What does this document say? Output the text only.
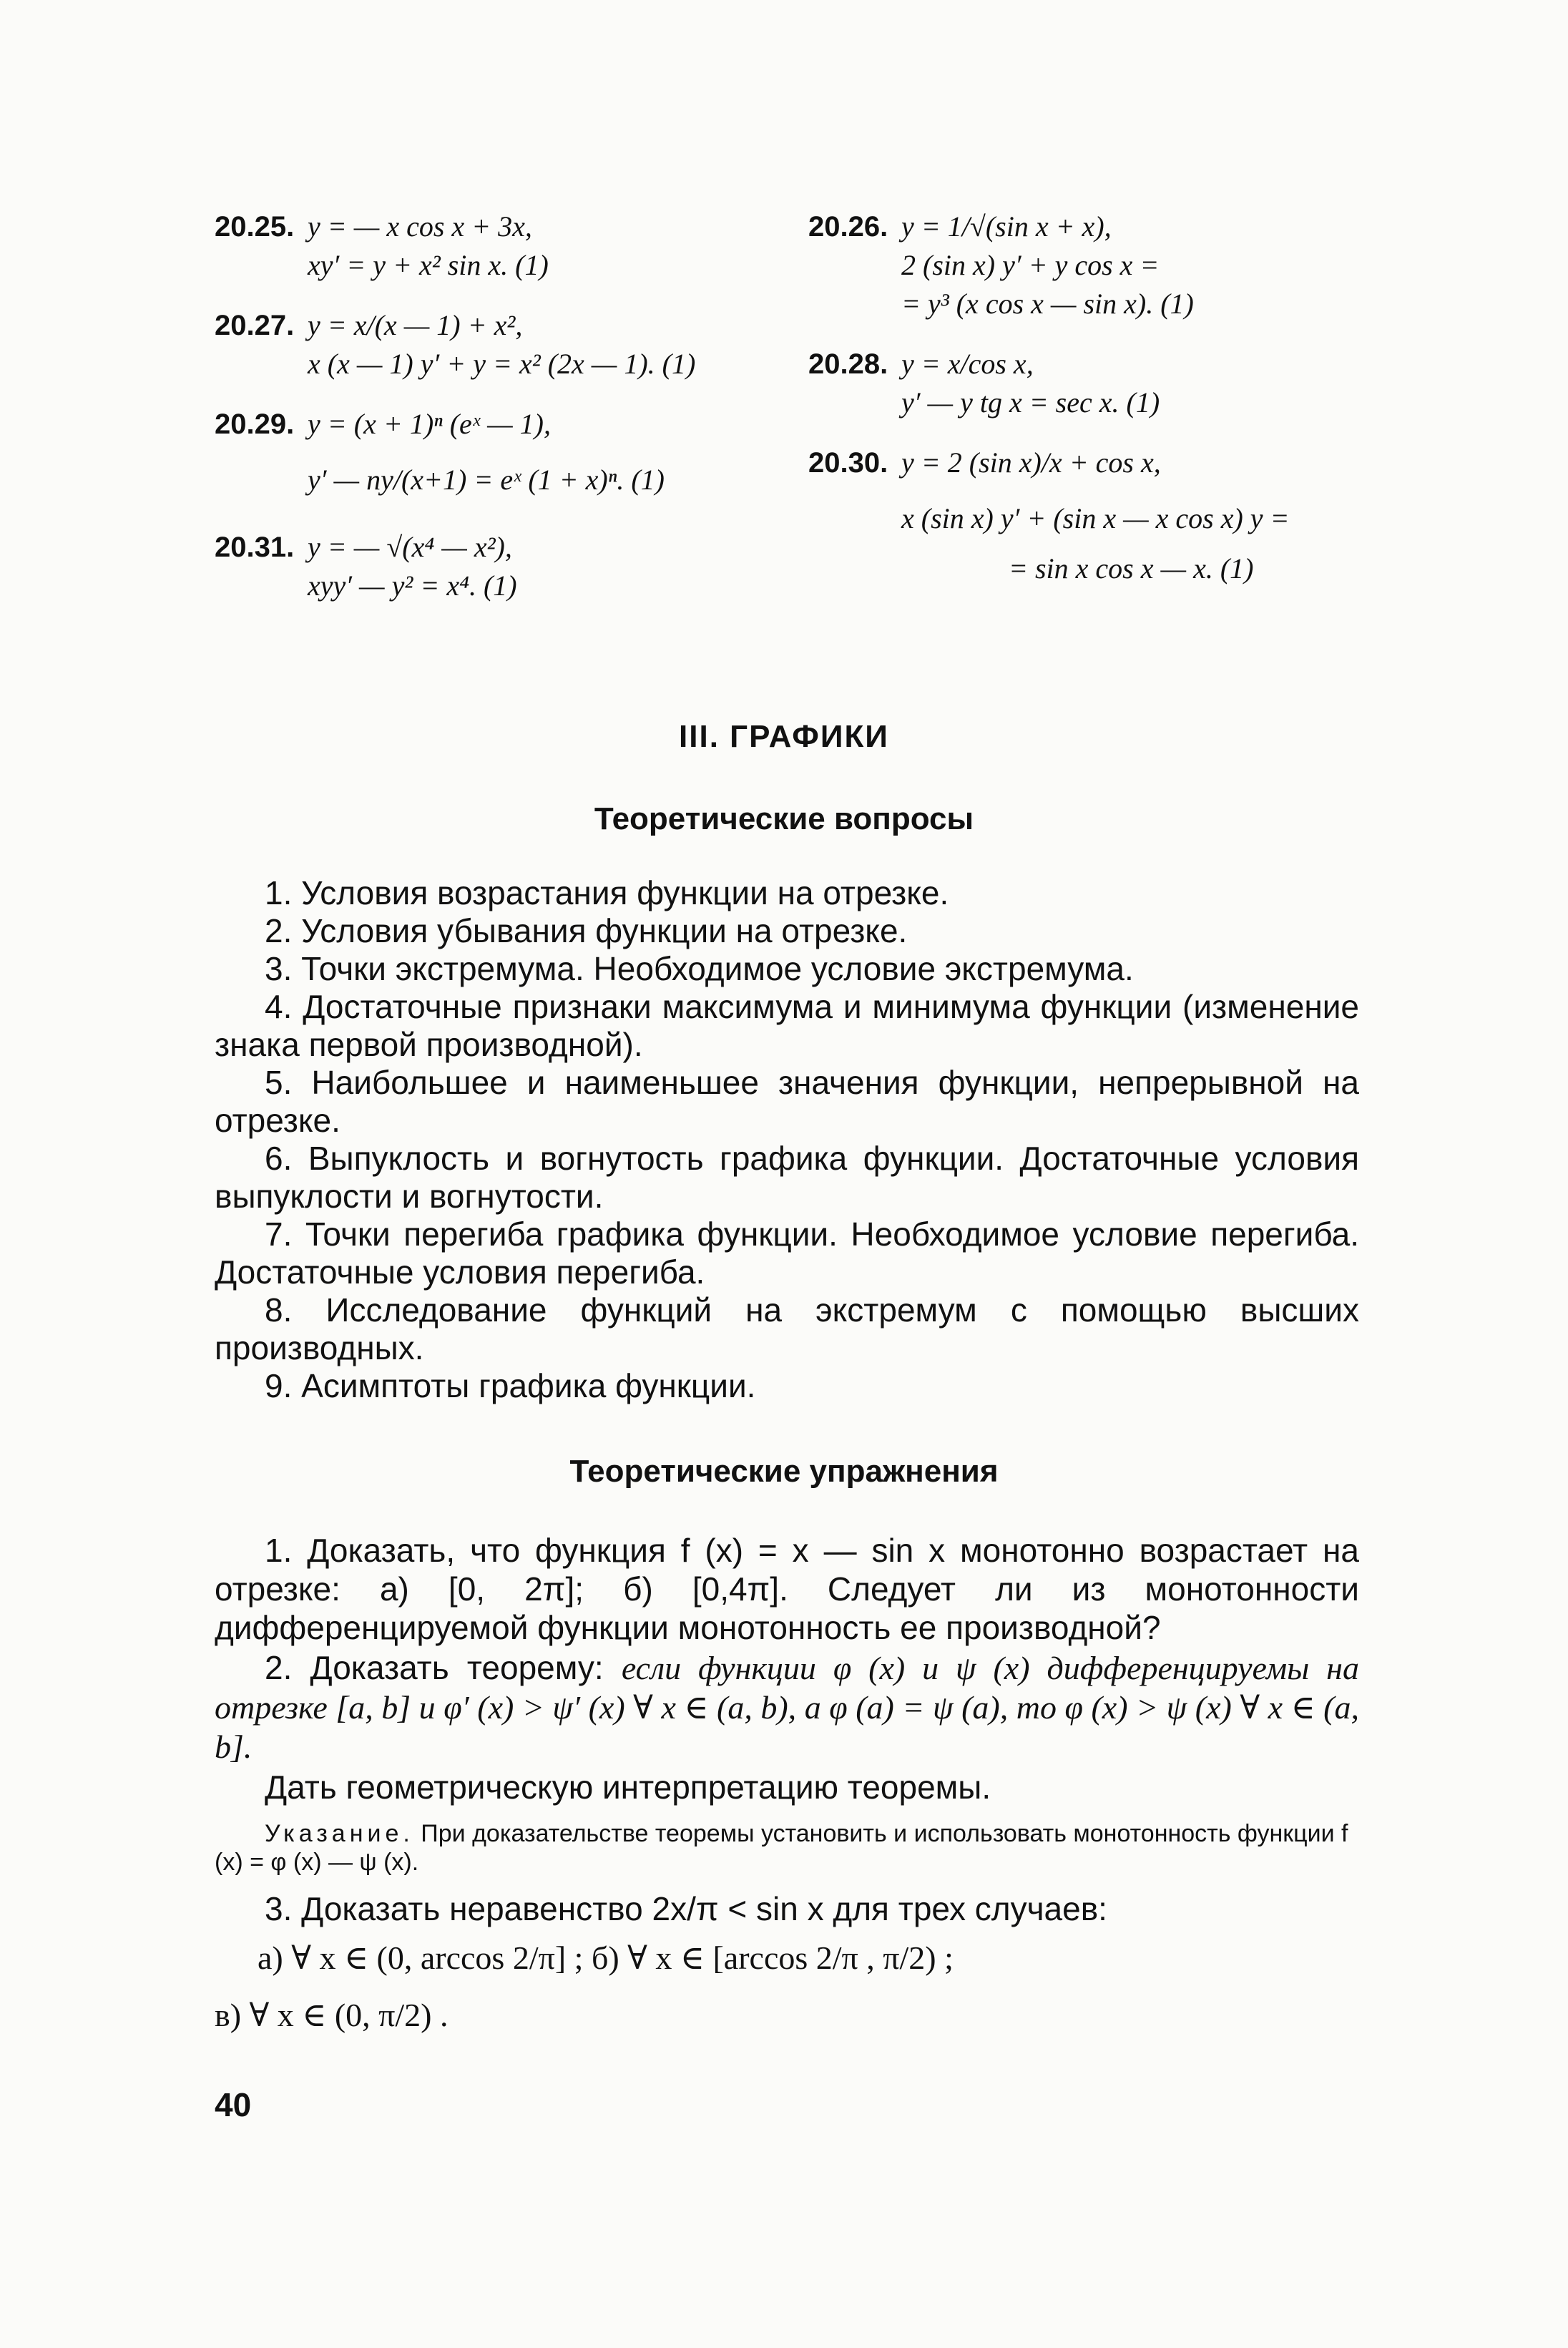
20.25. y = — x cos x + 3x,
xy′ = y + x² sin x. (1)
20.27. y = x/(x — 1) + x²,
x (x — 1) y′ + y = x² (2x — 1). (1)
20.29. y = (x + 1)ⁿ (eˣ — 1),
y′ — ny/(x+1) = eˣ (1 + x)ⁿ. (1)
20.31. y = — √(x⁴ — x²),
xyy′ — y² = x⁴. (1)
20.26. y = 1/√(sin x + x),
2 (sin x) y′ + y cos x =
= y³ (x cos x — sin x). (1)
20.28. y = x/cos x,
y′ — y tg x = sec x. (1)
20.30. y = 2 (sin x)/x + cos x,
x (sin x) y′ + (sin x — x cos x) y =
= sin x cos x — x. (1)
III. ГРАФИКИ
Теоретические вопросы
1. Условия возрастания функции на отрезке.
2. Условия убывания функции на отрезке.
3. Точки экстремума. Необходимое условие экстремума.
4. Достаточные признаки максимума и минимума функции (изменение знака первой производной).
5. Наибольшее и наименьшее значения функции, непрерывной на отрезке.
6. Выпуклость и вогнутость графика функции. Достаточные условия выпуклости и вогнутости.
7. Точки перегиба графика функции. Необходимое условие перегиба. Достаточные условия перегиба.
8. Исследование функций на экстремум с помощью высших производных.
9. Асимптоты графика функции.
Теоретические упражнения
1. Доказать, что функция f (x) = x — sin x монотонно возрастает на отрезке: а) [0, 2π]; б) [0,4π]. Следует ли из монотонности дифференцируемой функции монотонность ее производной?
2. Доказать теорему: если функции φ (x) и ψ (x) дифференцируемы на отрезке [a, b] и φ′ (x) > ψ′ (x) ∀ x ∈ (a, b), а φ (a) = ψ (a), то φ (x) > ψ (x) ∀ x ∈ (a, b].
Дать геометрическую интерпретацию теоремы.
Указание. При доказательстве теоремы установить и использовать монотонность функции f (x) = φ (x) — ψ (x).
3. Доказать неравенство 2x/π < sin x для трех случаев:
а) ∀ x ∈ (0, arccos 2/π] ; б) ∀ x ∈ [arccos 2/π , π/2) ;
в) ∀ x ∈ (0, π/2) .
40
